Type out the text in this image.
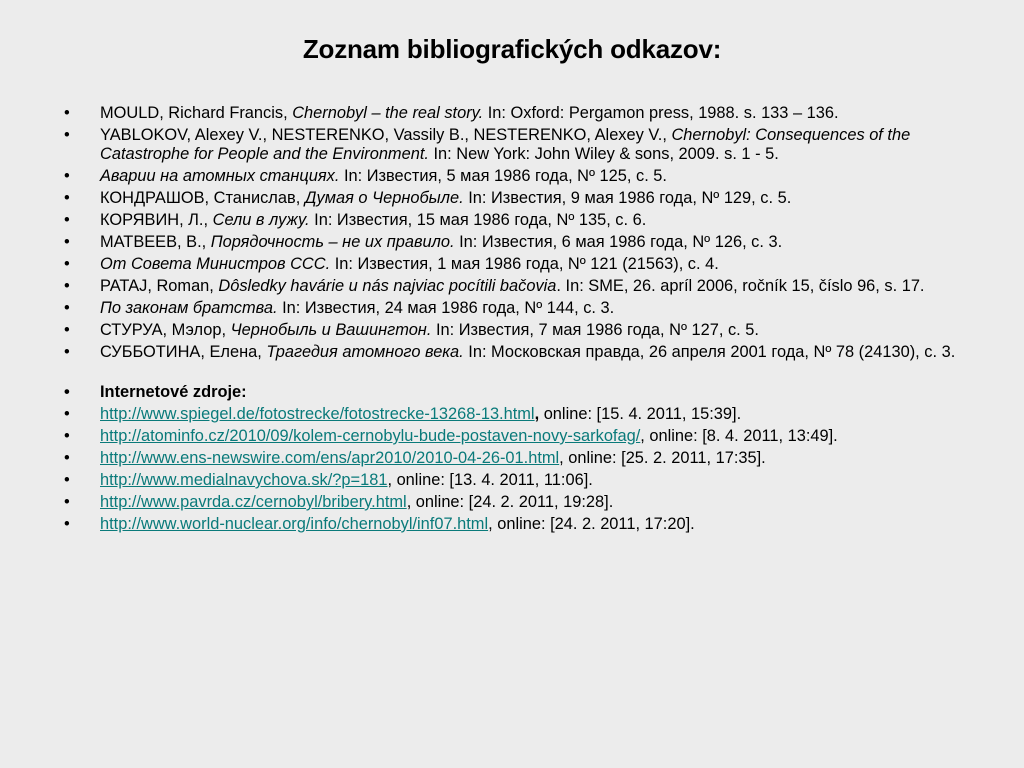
Zoznam bibliografických odkazov:
• MOULD, Richard Francis, Chernobyl – the real story. In: Oxford: Pergamon press, 1988. s. 133 – 136.
• YABLOKOV, Alexey V., NESTERENKO, Vassily B., NESTERENKO, Alexey V., Chernobyl: Consequences of the Catastrophe for People and the Environment. In: New York: John Wiley & sons, 2009. s. 1 - 5.
• Аварии на атомных станциях. In: Известия, 5 мая 1986 года, Nº 125, с. 5.
• КОНДРАШОВ, Станислав, Думая о Чернобыле. In: Известия, 9 мая 1986 года, Nº 129, с. 5.
• КОРЯВИН, Л., Сели в лужу. In: Известия, 15 мая 1986 года, Nº 135, с. 6.
• МАТВЕЕВ, В., Порядочность – не их правило. In: Известия, 6 мая 1986 года, Nº 126, с. 3.
• От Совета Министров ССС. In: Известия, 1 мая 1986 года, Nº 121 (21563), с. 4.
• PATAJ, Roman, Dôsledky havárie u nás najviac pocítili bačovia. In: SME, 26. apríl 2006, ročník 15, číslo 96, s. 17.
• По законам братства. In: Известия, 24 мая 1986 года, Nº 144, с. 3.
• СТУРУА, Мэлор, Чернобыль и Вашингтон. In: Известия, 7 мая 1986 года, Nº 127, с. 5.
• СУББОТИНА, Елена, Трагедия атомного века. In: Московская правда, 26 апреля 2001 года, Nº 78 (24130), с. 3.
• Internetové zdroje:
• http://www.spiegel.de/fotostrecke/fotostrecke-13268-13.html, online: [15. 4. 2011, 15:39].
• http://atominfo.cz/2010/09/kolem-cernobylu-bude-postaven-novy-sarkofag/, online: [8. 4. 2011, 13:49].
• http://www.ens-newswire.com/ens/apr2010/2010-04-26-01.html, online: [25. 2. 2011, 17:35].
• http://www.medialnavychova.sk/?p=181, online: [13. 4. 2011, 11:06].
• http://www.pavrda.cz/cernobyl/bribery.html, online: [24. 2. 2011, 19:28].
• http://www.world-nuclear.org/info/chernobyl/inf07.html, online: [24. 2. 2011, 17:20].
